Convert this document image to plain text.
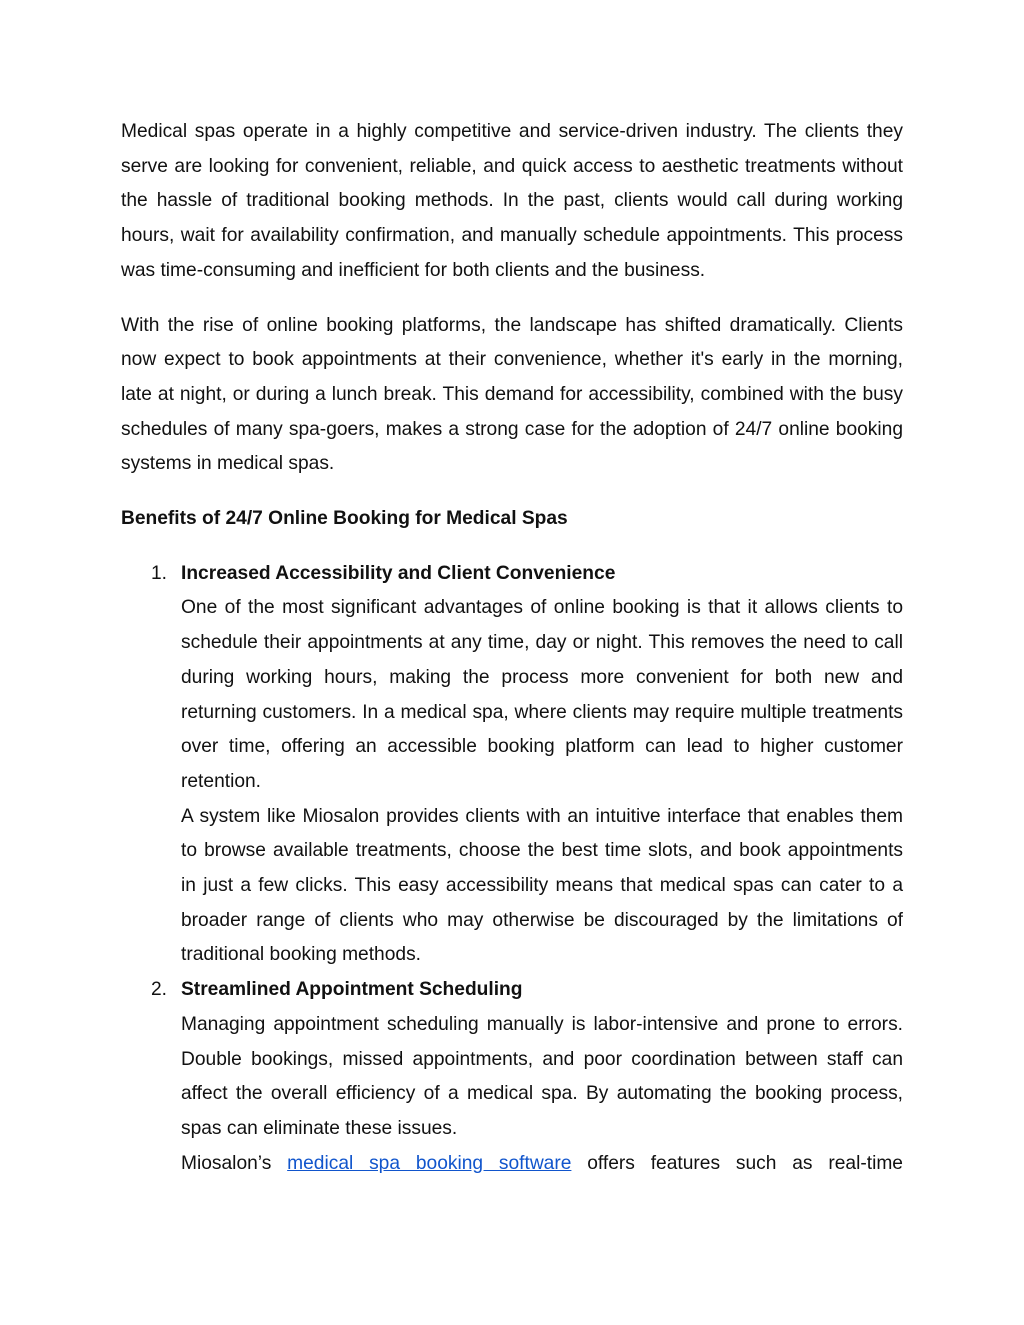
Medical spas operate in a highly competitive and service-driven industry. The clients they serve are looking for convenient, reliable, and quick access to aesthetic treatments without the hassle of traditional booking methods. In the past, clients would call during working hours, wait for availability confirmation, and manually schedule appointments. This process was time-consuming and inefficient for both clients and the business.

With the rise of online booking platforms, the landscape has shifted dramatically. Clients now expect to book appointments at their convenience, whether it's early in the morning, late at night, or during a lunch break. This demand for accessibility, combined with the busy schedules of many spa-goers, makes a strong case for the adoption of 24/7 online booking systems in medical spas.

Benefits of 24/7 Online Booking for Medical Spas

1. Increased Accessibility and Client Convenience

One of the most significant advantages of online booking is that it allows clients to schedule their appointments at any time, day or night. This removes the need to call during working hours, making the process more convenient for both new and returning customers. In a medical spa, where clients may require multiple treatments over time, offering an accessible booking platform can lead to higher customer retention.

A system like Miosalon provides clients with an intuitive interface that enables them to browse available treatments, choose the best time slots, and book appointments in just a few clicks. This easy accessibility means that medical spas can cater to a broader range of clients who may otherwise be discouraged by the limitations of traditional booking methods.

2. Streamlined Appointment Scheduling

Managing appointment scheduling manually is labor-intensive and prone to errors. Double bookings, missed appointments, and poor coordination between staff can affect the overall efficiency of a medical spa. By automating the booking process, spas can eliminate these issues.

Miosalon’s medical spa booking software offers features such as real-time
